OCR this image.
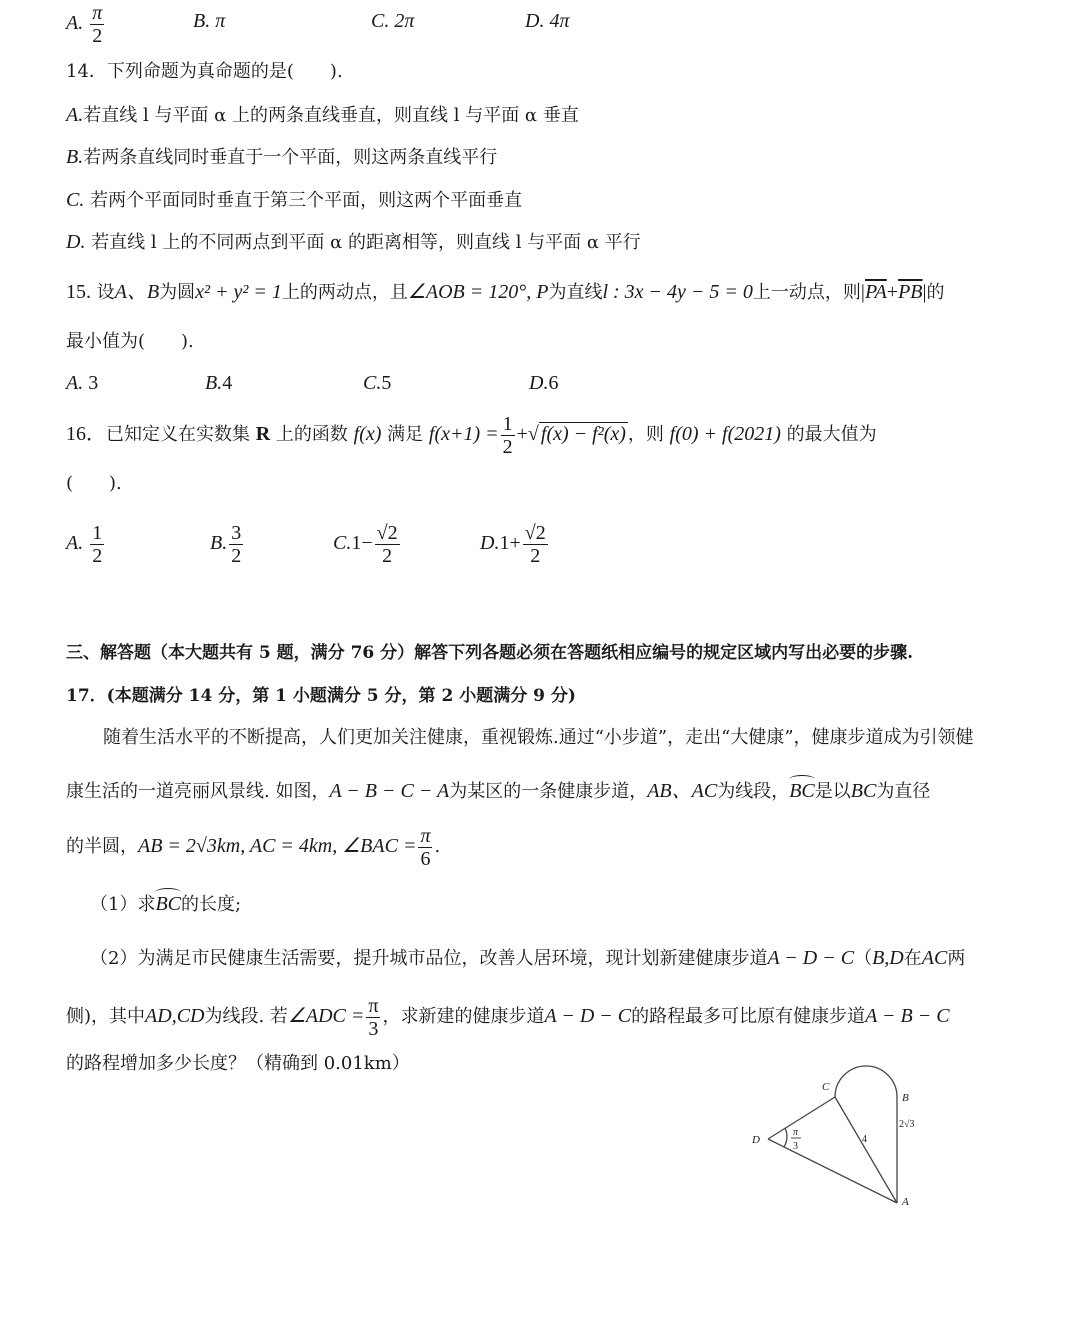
A. $\frac{\pi}{2}$	B. π	C. 2π	D. 4π
14．下列命题为真命题的是(　　).
A.若直线 l 与平面 α 上的两条直线垂直，则直线 l 与平面 α 垂直
B.若两条直线同时垂直于一个平面，则这两条直线平行
C. 若两个平面同时垂直于第三个平面，则这两个平面垂直
D. 若直线 l 上的不同两点到平面 α 的距离相等，则直线 l 与平面 α 平行
15. 设A、B为圆x² + y² = 1上的两动点，且∠AOB = 120°, P为直线l : 3x − 4y − 5 = 0上一动点，则$|\overline{PA}+\overline{PB}|$的
最小值为(　　).
A. 3	B.4	C.5	D.6
16．已知定义在实数集 R 上的函数 f(x) 满足 $f(x+1) = \frac{1}{2}$ +√ f(x) − f²(x) ，则 f(0) + f(2021) 的最大值为
(　　).
A. $\frac{1}{2}$	B. $\frac{3}{2}$	$C.1- \frac{√2}{2}$	$D.1+ \frac{√2}{2}$
三、解答题（本大题共有 5 题，满分 76 分）解答下列各题必须在答题纸相应编号的规定区域内写出必要的步骤.
17．(本题满分 14 分，第 1 小题满分 5 分，第 2 小题满分 9 分)
随着生活水平的不断提高，人们更加关注健康，重视锻炼.通过“小步道”，走出“大健康”，健康步道成为引领健
康生活的一道亮丽风景线. 如图，A − B − C − A为某区的一条健康步道，AB、AC为线段，BC是以BC为直径
的半圆，AB = 2√3km, AC = 4km, ∠BAC = $\frac{\pi}{6}$ .
（1）求BC的长度;
（2）为满足市民健康生活需要，提升城市品位，改善人居环境，现计划新建健康步道A − D − C（B,D在AC两
侧)，其中AD,CD为线段. 若∠ADC = $\frac{\pi}{3}$ ，求新建的健康步道A − D − C的路程最多可比原有健康步道A − B − C
的路程增加多少长度？（精确到 0.01km）
C
B
A
D	4
2√3
π
3
